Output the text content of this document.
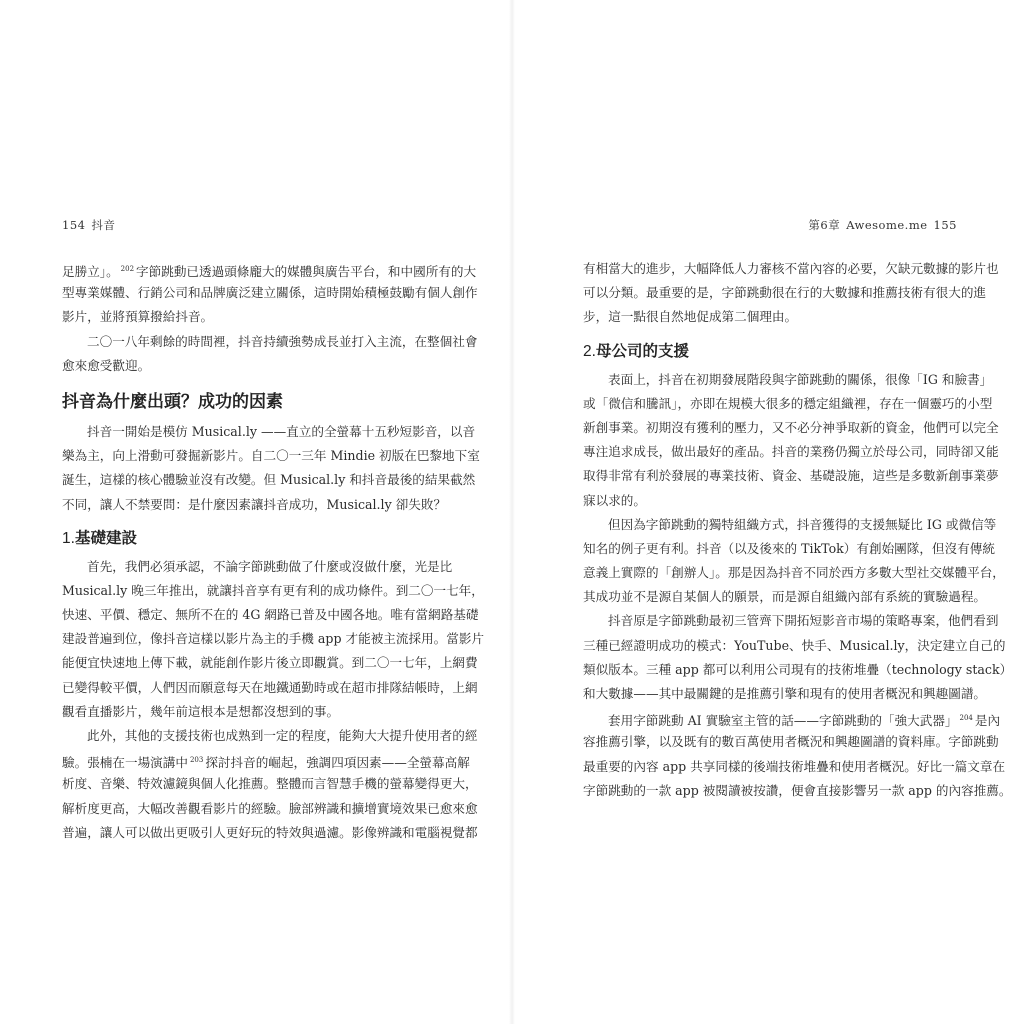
154 抖音
足勝立」。 $^{202}$ 字節跳動已透過頭條龐大的媒體與廣告平台，和中國所有的大
型專業媒體、行銷公司和品牌廣泛建立關係，這時開始積極鼓勵有個人創作
影片，並將預算撥給抖音。
二〇一八年剩餘的時間裡，抖音持續強勢成長並打入主流，在整個社會
愈來愈受歡迎。
抖音為什麼出頭？成功的因素
抖音一開始是模仿 Musical.ly ——直立的全螢幕十五秒短影音，以音
樂為主，向上滑動可發掘新影片。自二〇一三年 Mindie 初版在巴黎地下室
誕生，這樣的核心體驗並沒有改變。但 Musical.ly 和抖音最後的結果截然
不同，讓人不禁要問：是什麼因素讓抖音成功，Musical.ly 卻失敗？
1.基礎建設
首先，我們必須承認，不論字節跳動做了什麼或沒做什麼，光是比
Musical.ly 晚三年推出，就讓抖音享有更有利的成功條件。到二〇一七年，
快速、平價、穩定、無所不在的 4G 網路已普及中國各地。唯有當網路基礎
建設普遍到位，像抖音這樣以影片為主的手機 app 才能被主流採用。當影片
能便宜快速地上傳下載，就能創作影片後立即觀賞。到二〇一七年，上網費
已變得較平價，人們因而願意每天在地鐵通勤時或在超市排隊結帳時，上網
觀看直播影片，幾年前這根本是想都沒想到的事。
此外，其他的支援技術也成熟到一定的程度，能夠大大提升使用者的經
驗。張楠在一場演講中 $^{203}$ 探討抖音的崛起，強調四項因素——全螢幕高解
析度、音樂、特效濾鏡與個人化推薦。整體而言智慧手機的螢幕變得更大，
解析度更高，大幅改善觀看影片的經驗。臉部辨識和擴增實境效果已愈來愈
普遍，讓人可以做出更吸引人更好玩的特效與過濾。影像辨識和電腦視覺都
第6章 Awesome.me 155
有相當大的進步，大幅降低人力審核不當內容的必要，欠缺元數據的影片也
可以分類。最重要的是，字節跳動很在行的大數據和推薦技術有很大的進
步，這一點很自然地促成第二個理由。
2.母公司的支援
表面上，抖音在初期發展階段與字節跳動的關係，很像「IG 和臉書」
或「微信和騰訊」，亦即在規模大很多的穩定組織裡，存在一個靈巧的小型
新創事業。初期沒有獲利的壓力，又不必分神爭取新的資金，他們可以完全
專注追求成長，做出最好的產品。抖音的業務仍獨立於母公司，同時卻又能
取得非常有利於發展的專業技術、資金、基礎設施，這些是多數新創事業夢
寐以求的。
但因為字節跳動的獨特組織方式，抖音獲得的支援無疑比 IG 或微信等
知名的例子更有利。抖音（以及後來的 TikTok）有創始團隊，但沒有傳統
意義上實際的「創辦人」。那是因為抖音不同於西方多數大型社交媒體平台，
其成功並不是源自某個人的願景，而是源自組織內部有系統的實驗過程。
抖音原是字節跳動最初三管齊下開拓短影音市場的策略專案，他們看到
三種已經證明成功的模式：YouTube、快手、Musical.ly，決定建立自己的
類似版本。三種 app 都可以利用公司現有的技術堆疊（technology stack）
和大數據——其中最關鍵的是推薦引擎和現有的使用者概況和興趣圖譜。
套用字節跳動 AI 實驗室主管的話——字節跳動的「強大武器」 $^{204}$ 是內
容推薦引擎，以及既有的數百萬使用者概況和興趣圖譜的資料庫。字節跳動
最重要的內容 app 共享同樣的後端技術堆疊和使用者概況。好比一篇文章在
字節跳動的一款 app 被閱讀被按讚，便會直接影響另一款 app 的內容推薦。
